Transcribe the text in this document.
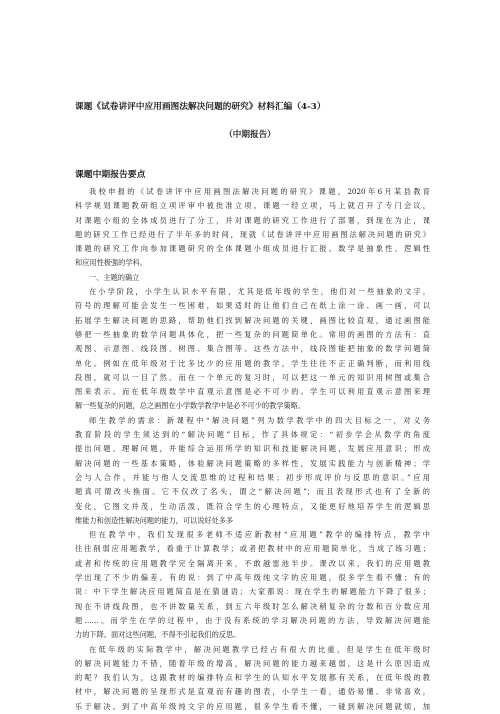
课题《试卷讲评中应用画图法解决问题的研究》材料汇编（4-3）
（中期报告）
课题中期报告要点
我校申报的《试卷讲评中应用画图法解决问题的研究》课题，2020年6月某县教育
科学规划课题教研组立项评审中被批准立项。课题一经立项，马上就召开了专门会议，
对课题小组的全体成员进行了分工，并对课题的研究工作进行了部署，到现在为止，课
题的研究工作已经进行了半年多的时间，现就《试卷讲评中应用画图法解决问题的研究》
课题的研究工作向参加课题研究的全体课题小组成员进行汇报。数学是抽象性、逻辑性
和应用性极强的学科。
一、主题的确立
在小学阶段，小学生认识水平有限，尤其是低年级的学生，他们对一些抽象的文字，
符号的理解可能会发生一些困难，如果适时的让他们自己在纸上涂一涂、画一画，可以
拓展学生解决问题的思路，帮助他们找到解决问题的关键，画图比较直观，通过画图能
够把一些抽象的数学问题具体化，把一些复杂的问题简单化。常用的画图的方法有：直
观图、示意图、线段图、树图、集合图等。这些方法中，线段图能把抽象的数学问题简
单化。例如在低年级对于比多比少的应用题的教学，学生往往不正正确判断，而利用线
段图，就可以一目了然。而在一个单元的复习时，可以把这一单元的知识用树图或集合
图来表示。而在低年级数学中直观示意图是必不可少的。学生可以利用直观示意图来理
解一些复杂的问题，总之画图在小学数学教学中是必不可少的教学策略。
师生教学的需求：新课程中“解决问题”列为数学教学中的四大目标之一，对义务
教育阶段的学生须达到的“解决问题”目标，作了具体规定：“初步学会从数学的角度
提出问题、理解问题，并能综合运用所学的知识和技能解决问题，发展应用意识；形成
解决问题的一些基本策略，体验解决问题策略的多样性，发展实践能力与创新精神；学
会与人合作，并能与他人交流思维的过程和结果；初步形成评价与反思的意识。”应用
题真可谓改头换面。它不仅改了名头，谓之“解决问题”；而且表现形式也有了全新的
变化，它图文并茂，生动活泼，既符合学生的心理特点，又能更好地培养学生的逻辑思
维能力和创造性解决问题的能力，可以说好处多多
但在教学中，我们发现很多老师不适应新教材“应用题”教学的编排特点，教学中
往往削弱应用题教学，看重于计算教学；或者把教材中的应用题简单化，当成了练习题；
或者和传统的应用题教学完全隔离开来，不敢越雷池半步。课改以来，我们的应用题教
学出现了不少的偏差。有的说：到了中高年级纯文字的应用题，很多学生看不懂；有的
说：中下学生解决应用题简直是在猜谜语；大家都说：现在学生的解题能力下降了很多；
现在不讲线段图，也不讲数量关系，到五六年级时怎么解决稍复杂的分数和百分数应用
题……。而学生在学的过程中，由于没有系统的学习解决问题的方法，导致解决问题能
力的下降。面对这些问题，不得不引起我们的反思。
在低年级的实际教学中，解决问题教学已经占有很大的比重，但是学生在低年级时
的解决问题能力不错，随着年级的增高，解决问题的能力越来越弱，这是什么原因造成
的呢？我们认为，这跟教材的编排特点和学生的认知水平发展都有关系，在低年级的教
材中，解决问题的呈现形式是直观而有趣的图表，小学生一看，通俗易懂、非常喜欢，
乐于解决。到了中高年级纯文字的应用题，很多学生看不懂，一碰到解决问题就烦，加
